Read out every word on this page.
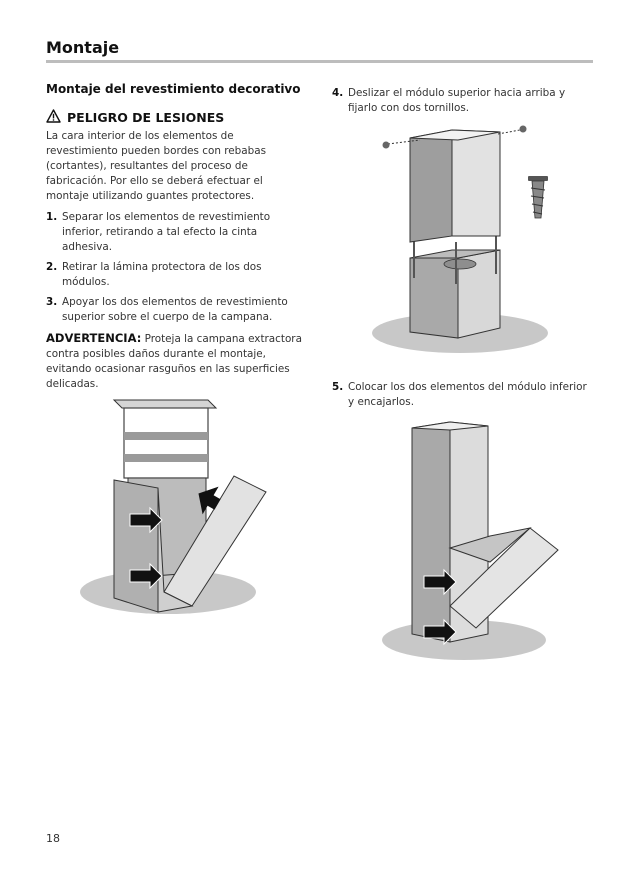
Montaje
Montaje del revestimiento decorativo
PELIGRO DE LESIONES

La cara interior de los elementos de revestimiento pueden bordes con rebabas (cortantes), resultantes del proceso de fabricación. Por ello se deberá efectuar el montaje utilizando guantes protectores.

1. Separar los elementos de revestimiento inferior, retirando a tal efecto la cinta adhesiva.
2. Retirar la lámina protectora de los dos módulos.
3. Apoyar los dos elementos de revestimiento superior sobre el cuerpo de la campana.
ADVERTENCIA: Proteja la campana extractora contra posibles daños durante el montaje, evitando ocasionar rasguños en las superficies delicadas.
4. Deslizar el módulo superior hacia arriba y fijarlo con dos tornillos.
5. Colocar los dos elementos del módulo inferior y encajarlos.
18
